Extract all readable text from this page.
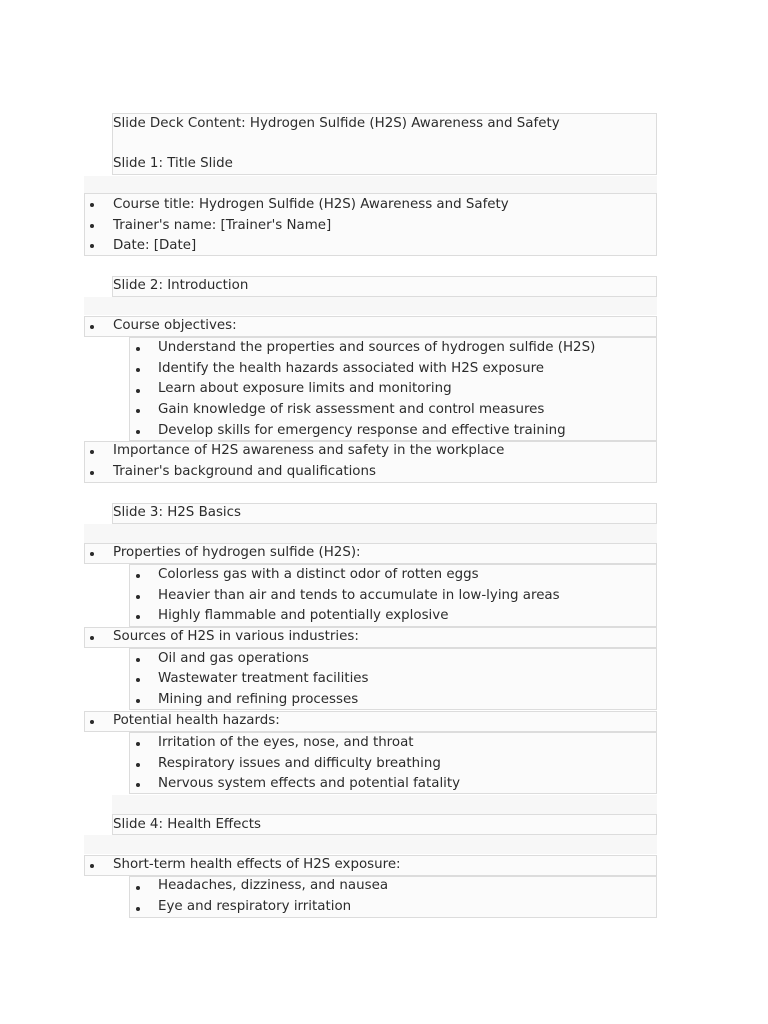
Slide Deck Content: Hydrogen Sulfide (H2S) Awareness and Safety
Slide 1: Title Slide
Course title: Hydrogen Sulfide (H2S) Awareness and Safety
Trainer's name: [Trainer's Name]
Date: [Date]
Slide 2: Introduction
Course objectives:
Understand the properties and sources of hydrogen sulfide (H2S)
Identify the health hazards associated with H2S exposure
Learn about exposure limits and monitoring
Gain knowledge of risk assessment and control measures
Develop skills for emergency response and effective training
Importance of H2S awareness and safety in the workplace
Trainer's background and qualifications
Slide 3: H2S Basics
Properties of hydrogen sulfide (H2S):
Colorless gas with a distinct odor of rotten eggs
Heavier than air and tends to accumulate in low-lying areas
Highly flammable and potentially explosive
Sources of H2S in various industries:
Oil and gas operations
Wastewater treatment facilities
Mining and refining processes
Potential health hazards:
Irritation of the eyes, nose, and throat
Respiratory issues and difficulty breathing
Nervous system effects and potential fatality
Slide 4: Health Effects
Short-term health effects of H2S exposure:
Headaches, dizziness, and nausea
Eye and respiratory irritation
